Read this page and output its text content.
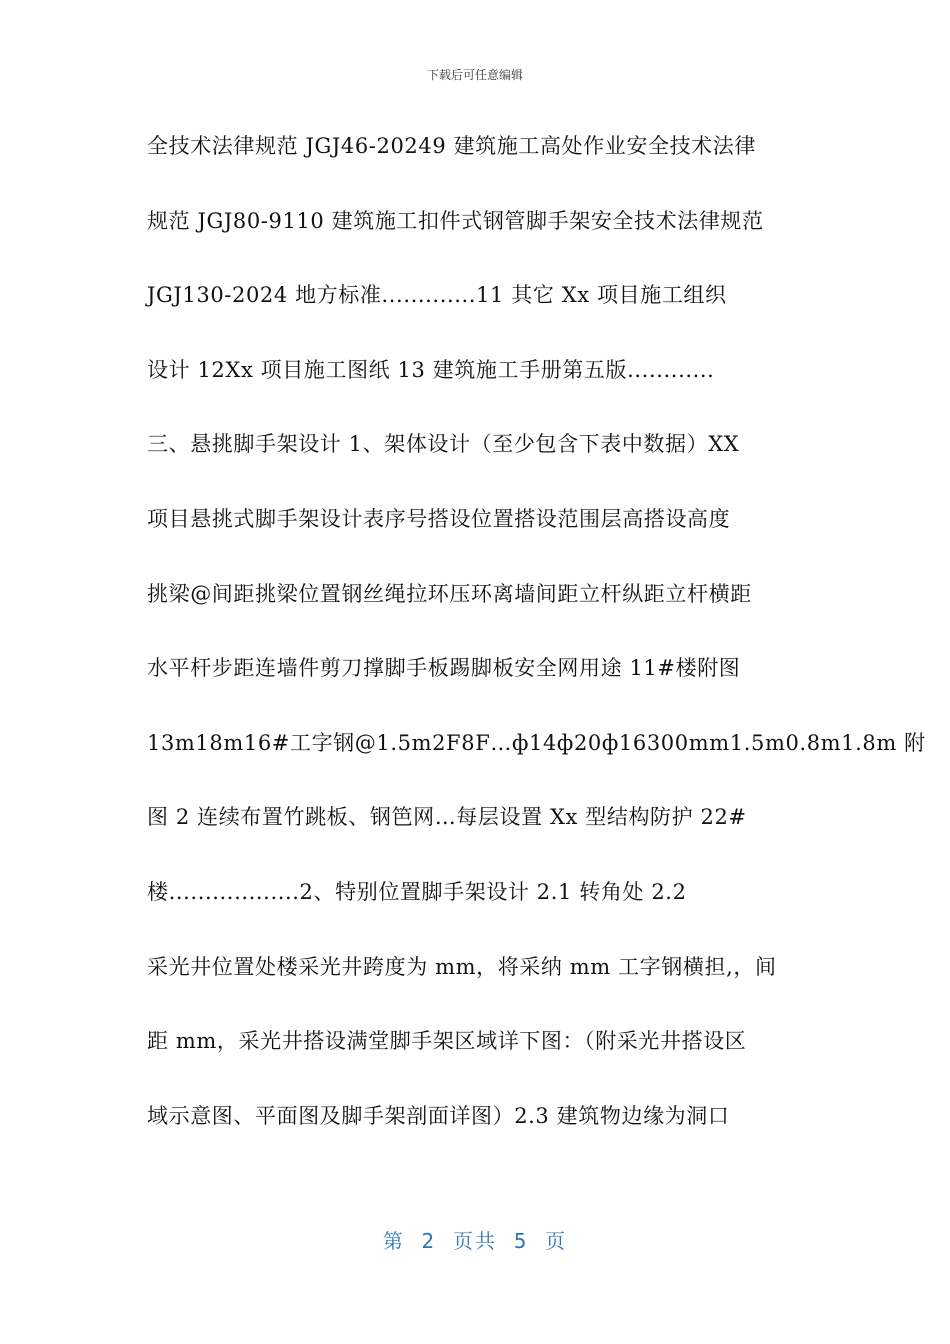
下载后可任意编辑
全技术法律规范 JGJ46-20249 建筑施工高处作业安全技术法律
规范 JGJ80-9110 建筑施工扣件式钢管脚手架安全技术法律规范
JGJ130-2024 地方标准.............11 其它 Xx 项目施工组织
设计 12Xx 项目施工图纸 13 建筑施工手册第五版............
三、悬挑脚手架设计 1、架体设计（至少包含下表中数据）XX
项目悬挑式脚手架设计表序号搭设位置搭设范围层高搭设高度
挑梁@间距挑梁位置钢丝绳拉环压环离墙间距立杆纵距立杆横距
水平杆步距连墙件剪刀撑脚手板踢脚板安全网用途 11#楼附图
13m18m16#工字钢@1.5m2F8F…ф14ф20ф16300mm1.5m0.8m1.8m 附
图 2 连续布置竹跳板、钢笆网…每层设置 Xx 型结构防护 22#
楼..................2、特别位置脚手架设计 2.1 转角处 2.2
采光井位置处楼采光井跨度为 mm，将采纳 mm 工字钢横担,，间
距 mm，采光井搭设满堂脚手架区域详下图：（附采光井搭设区
域示意图、平面图及脚手架剖面详图）2.3 建筑物边缘为洞口
第  2  页共  5  页
